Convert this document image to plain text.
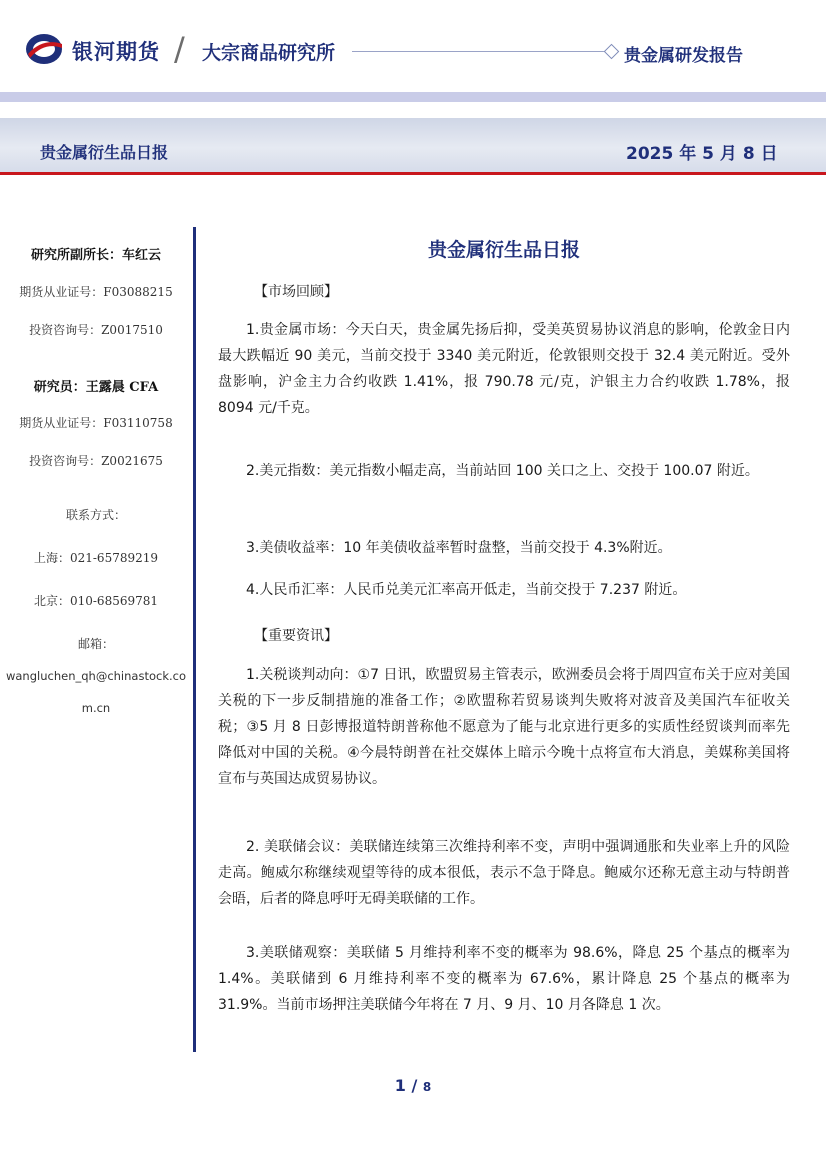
银河期货 / 大宗商品研究所	贵金属研发报告
贵金属衍生品日报	2025 年 5 月 8 日
研究所副所长：车红云
期货从业证号：F03088215
投资咨询号：Z0017510
研究员：王露晨 CFA
期货从业证号：F03110758
投资咨询号：Z0021675
联系方式：
上海：021-65789219
北京：010-68569781
邮箱：
wangluchen_qh@chinastock.co
m.cn
贵金属衍生品日报
【市场回顾】
1.贵金属市场：今天白天，贵金属先扬后抑，受美英贸易协议消息的影响，伦敦金日内最大跌幅近 90 美元，当前交投于 3340 美元附近，伦敦银则交投于 32.4 美元附近。受外盘影响，沪金主力合约收跌 1.41%，报 790.78 元/克，沪银主力合约收跌 1.78%，报 8094 元/千克。
2.美元指数：美元指数小幅走高，当前站回 100 关口之上、交投于 100.07 附近。
3.美债收益率：10 年美债收益率暂时盘整，当前交投于 4.3%附近。
4.人民币汇率：人民币兑美元汇率高开低走，当前交投于 7.237 附近。
【重要资讯】
1.关税谈判动向：①7 日讯，欧盟贸易主管表示，欧洲委员会将于周四宣布关于应对美国关税的下一步反制措施的准备工作；②欧盟称若贸易谈判失败将对波音及美国汽车征收关税；③5 月 8 日彭博报道特朗普称他不愿意为了能与北京进行更多的实质性经贸谈判而率先降低对中国的关税。④今晨特朗普在社交媒体上暗示今晚十点将宣布大消息，美媒称美国将宣布与英国达成贸易协议。
2. 美联储会议：美联储连续第三次维持利率不变，声明中强调通胀和失业率上升的风险走高。鲍威尔称继续观望等待的成本很低，表示不急于降息。鲍威尔还称无意主动与特朗普会晤，后者的降息呼吁无碍美联储的工作。
3.美联储观察：美联储 5 月维持利率不变的概率为 98.6%，降息 25 个基点的概率为 1.4%。美联储到 6 月维持利率不变的概率为 67.6%，累计降息 25 个基点的概率为 31.9%。当前市场押注美联储今年将在 7 月、9 月、10 月各降息 1 次。
1 / 8
